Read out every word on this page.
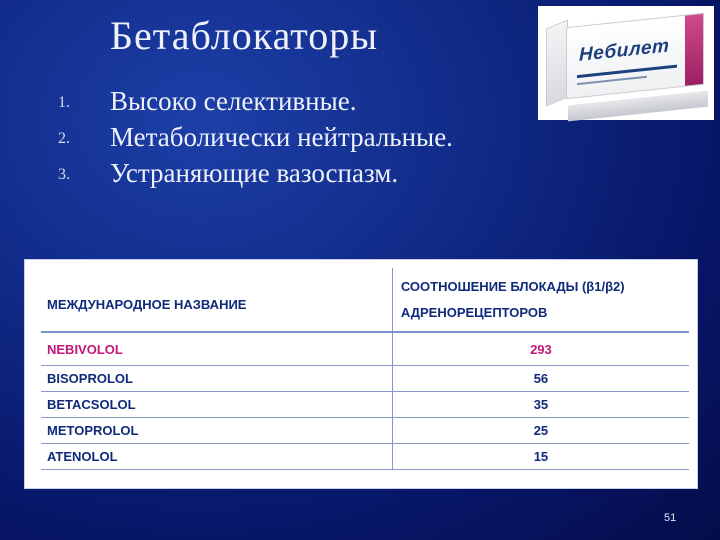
Бетаблокаторы
1.	Высоко селективные.
2.	Метаболически нейтральные.
3.	Устраняющие вазоспазм.
Небилет
МЕЖДУНАРОДНОЕ НАЗВАНИЕ	СООТНОШЕНИЕ БЛОКАДЫ (β1/β2)
АДРЕНОРЕЦЕПТОРОВ

NEBIVOLOL	293
BISOPROLOL	56
BETACSOLOL	35
METOPROLOL	25
ATENOLOL	15
51
